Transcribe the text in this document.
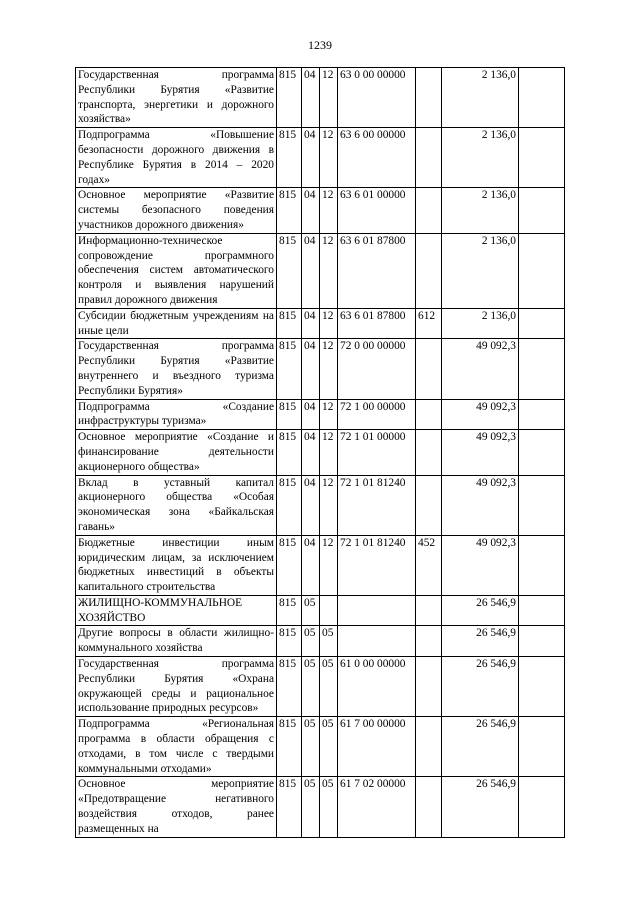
1239
Государственная программа Республики Бурятия «Развитие транспорта, энергетики и дорожного хозяйства»	815	04	12	63 0 00 00000		2 136,0	
Подпрограмма «Повышение безопасности дорожного движения в Республике Бурятия в 2014 – 2020 годах»	815	04	12	63 6 00 00000		2 136,0	
Основное мероприятие «Развитие системы безопасного поведения участников дорожного движения»	815	04	12	63 6 01 00000		2 136,0	
Информационно-техническое сопровождение программного обеспечения систем автоматического контроля и выявления нарушений правил дорожного движения	815	04	12	63 6 01 87800		2 136,0	
Субсидии бюджетным учреждениям на иные цели	815	04	12	63 6 01 87800	612	2 136,0	
Государственная программа Республики Бурятия «Развитие внутреннего и въездного туризма Республики Бурятия»	815	04	12	72 0 00 00000		49 092,3	
Подпрограмма «Создание инфраструктуры туризма»	815	04	12	72 1 00 00000		49 092,3	
Основное мероприятие «Создание и финансирование деятельности акционерного общества»	815	04	12	72 1 01 00000		49 092,3	
Вклад в уставный капитал акционерного общества «Особая экономическая зона «Байкальская гавань»	815	04	12	72 1 01 81240		49 092,3	
Бюджетные инвестиции иным юридическим лицам, за исключением бюджетных инвестиций в объекты капитального строительства	815	04	12	72 1 01 81240	452	49 092,3	
ЖИЛИЩНО-КОММУНАЛЬНОЕ ХОЗЯЙСТВО	815	05				26 546,9	
Другие вопросы в области жилищно-коммунального хозяйства	815	05	05			26 546,9	
Государственная программа Республики Бурятия «Охрана окружающей среды и рациональное использование природных ресурсов»	815	05	05	61 0 00 00000		26 546,9	
Подпрограмма «Региональная программа в области обращения с отходами, в том числе с твердыми коммунальными отходами»	815	05	05	61 7 00 00000		26 546,9	
Основное мероприятие «Предотвращение негативного воздействия отходов, ранее размещенных на	815	05	05	61 7 02 00000		26 546,9	
